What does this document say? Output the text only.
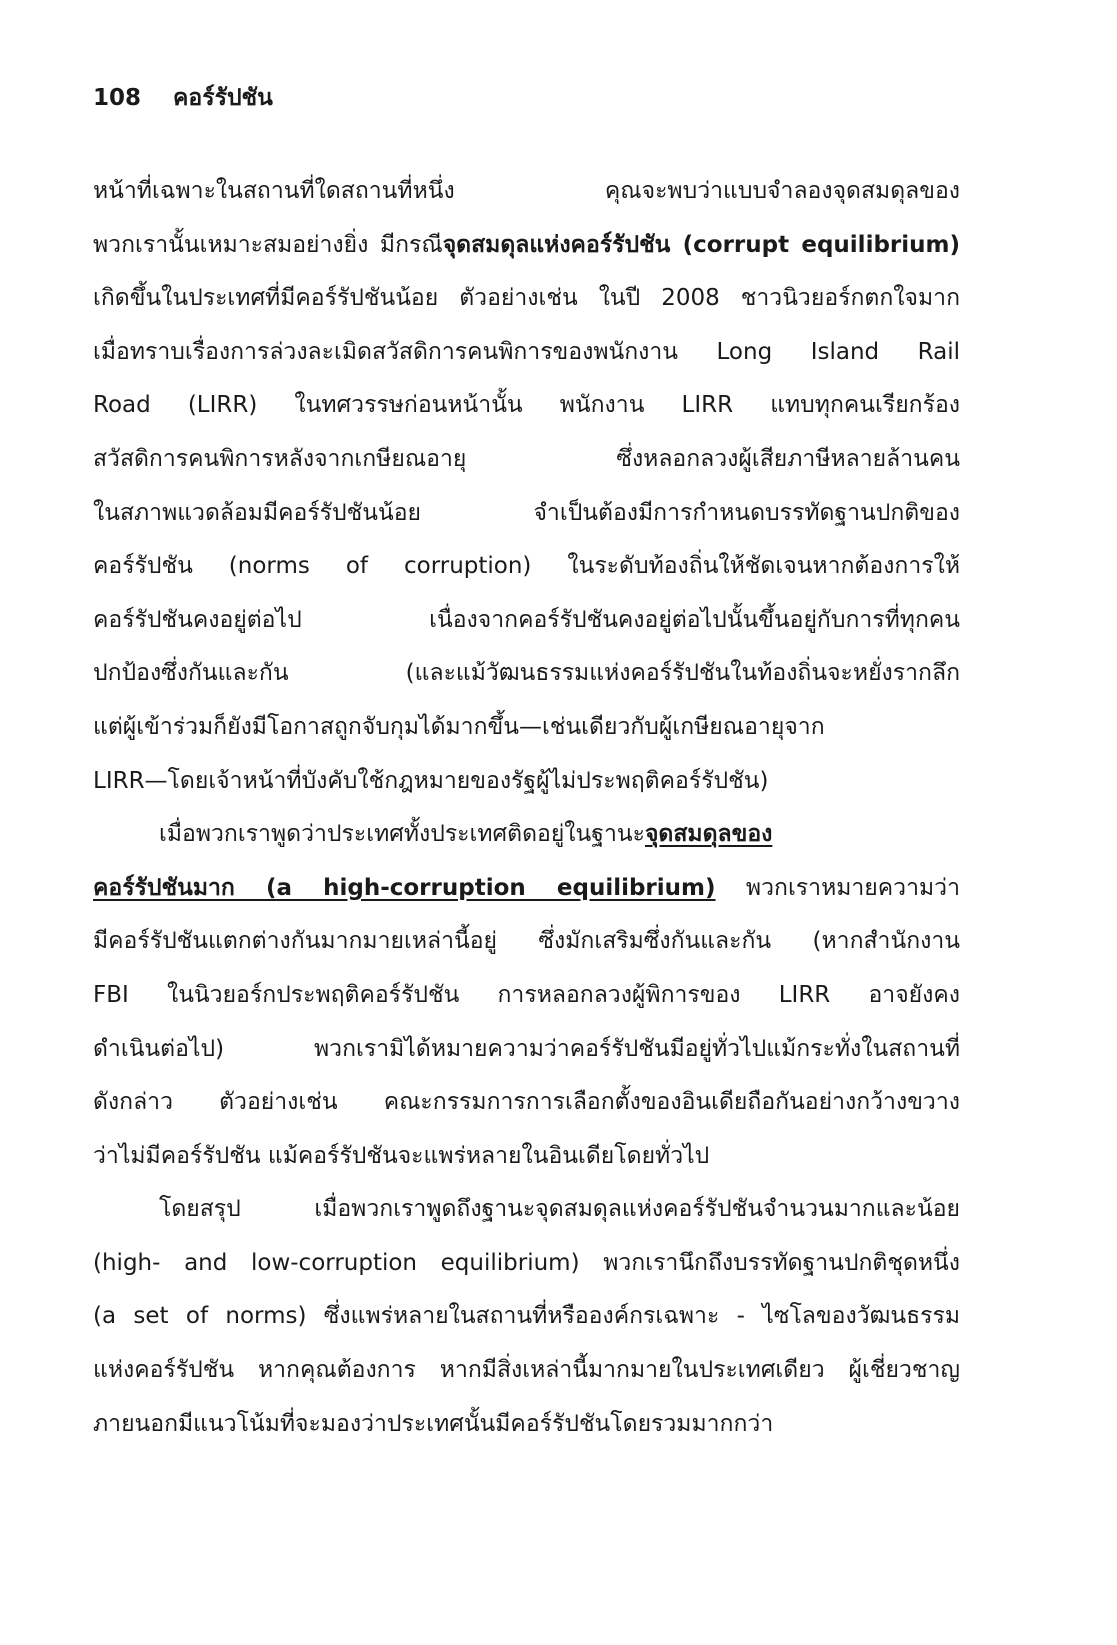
108 คอร์รัปชัน
หน้าที่เฉพาะในสถานที่ใดสถานที่หนึ่ง คุณจะพบว่าแบบจำลองจุดสมดุลของ
พวกเรานั้นเหมาะสมอย่างยิ่ง มีกรณีจุดสมดุลแห่งคอร์รัปชัน (corrupt equilibrium)
เกิดขึ้นในประเทศที่มีคอร์รัปชันน้อย ตัวอย่างเช่น ในปี 2008 ชาวนิวยอร์กตกใจมาก
เมื่อทราบเรื่องการล่วงละเมิดสวัสดิการคนพิการของพนักงาน Long Island Rail
Road (LIRR) ในทศวรรษก่อนหน้านั้น พนักงาน LIRR แทบทุกคนเรียกร้อง
สวัสดิการคนพิการหลังจากเกษียณอายุ ซึ่งหลอกลวงผู้เสียภาษีหลายล้านคน
ในสภาพแวดล้อมมีคอร์รัปชันน้อย จำเป็นต้องมีการกำหนดบรรทัดฐานปกติของ
คอร์รัปชัน (norms of corruption) ในระดับท้องถิ่นให้ชัดเจนหากต้องการให้
คอร์รัปชันคงอยู่ต่อไป เนื่องจากคอร์รัปชันคงอยู่ต่อไปนั้นขึ้นอยู่กับการที่ทุกคน
ปกป้องซึ่งกันและกัน (และแม้วัฒนธรรมแห่งคอร์รัปชันในท้องถิ่นจะหยั่งรากลึก
แต่ผู้เข้าร่วมก็ยังมีโอกาสถูกจับกุมได้มากขึ้น—เช่นเดียวกับผู้เกษียณอายุจาก
LIRR—โดยเจ้าหน้าที่บังคับใช้กฎหมายของรัฐผู้ไม่ประพฤติคอร์รัปชัน)
เมื่อพวกเราพูดว่าประเทศทั้งประเทศติดอยู่ในฐานะจุดสมดุลของ
คอร์รัปชันมาก (a high-corruption equilibrium) พวกเราหมายความว่า
มีคอร์รัปชันแตกต่างกันมากมายเหล่านี้อยู่ ซึ่งมักเสริมซึ่งกันและกัน (หากสำนักงาน
FBI ในนิวยอร์กประพฤติคอร์รัปชัน การหลอกลวงผู้พิการของ LIRR อาจยังคง
ดำเนินต่อไป) พวกเรามิได้หมายความว่าคอร์รัปชันมีอยู่ทั่วไปแม้กระทั่งในสถานที่
ดังกล่าว ตัวอย่างเช่น คณะกรรมการการเลือกตั้งของอินเดียถือกันอย่างกว้างขวาง
ว่าไม่มีคอร์รัปชัน แม้คอร์รัปชันจะแพร่หลายในอินเดียโดยทั่วไป
โดยสรุป เมื่อพวกเราพูดถึงฐานะจุดสมดุลแห่งคอร์รัปชันจำนวนมากและน้อย
(high- and low-corruption equilibrium) พวกเรานึกถึงบรรทัดฐานปกติชุดหนึ่ง
(a set of norms) ซึ่งแพร่หลายในสถานที่หรือองค์กรเฉพาะ - ไซโลของวัฒนธรรม
แห่งคอร์รัปชัน หากคุณต้องการ หากมีสิ่งเหล่านี้มากมายในประเทศเดียว ผู้เชี่ยวชาญ
ภายนอกมีแนวโน้มที่จะมองว่าประเทศนั้นมีคอร์รัปชันโดยรวมมากกว่า
